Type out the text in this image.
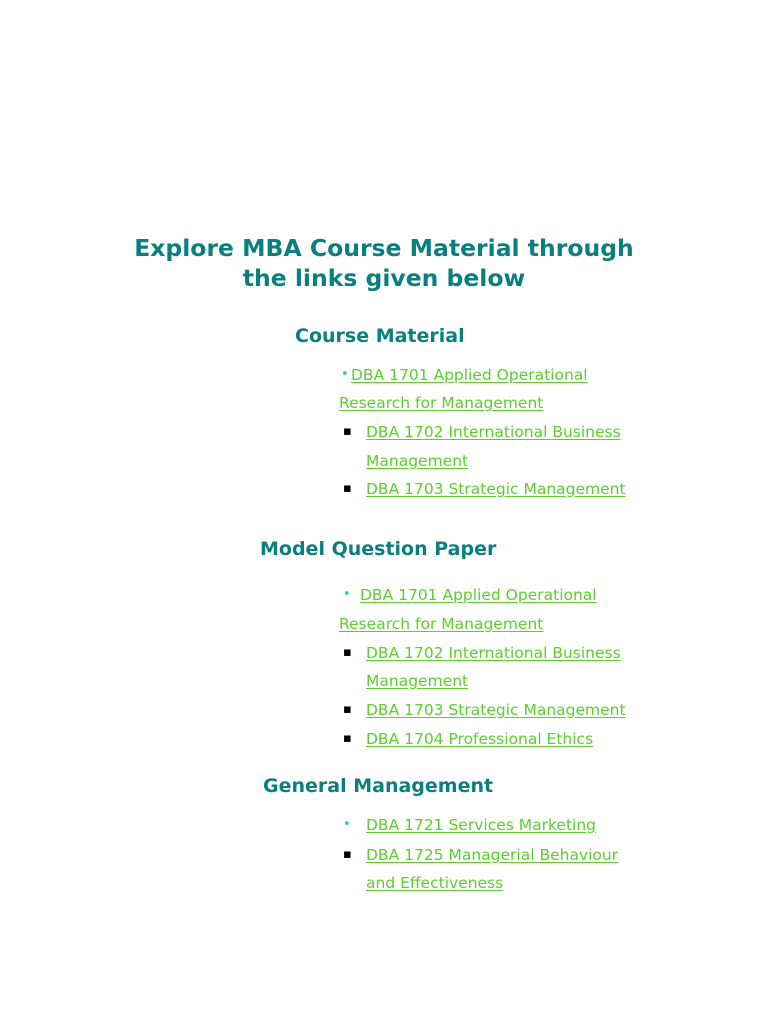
Explore MBA Course Material through
the links given below
Course Material
• DBA 1701 Applied Operational
Research for Management
▪ DBA 1702 International Business
Management
▪ DBA 1703 Strategic Management
Model Question Paper
• DBA 1701 Applied Operational
Research for Management
▪ DBA 1702 International Business
Management
▪ DBA 1703 Strategic Management
▪ DBA 1704 Professional Ethics
General Management
• DBA 1721 Services Marketing
▪ DBA 1725 Managerial Behaviour
and Effectiveness
